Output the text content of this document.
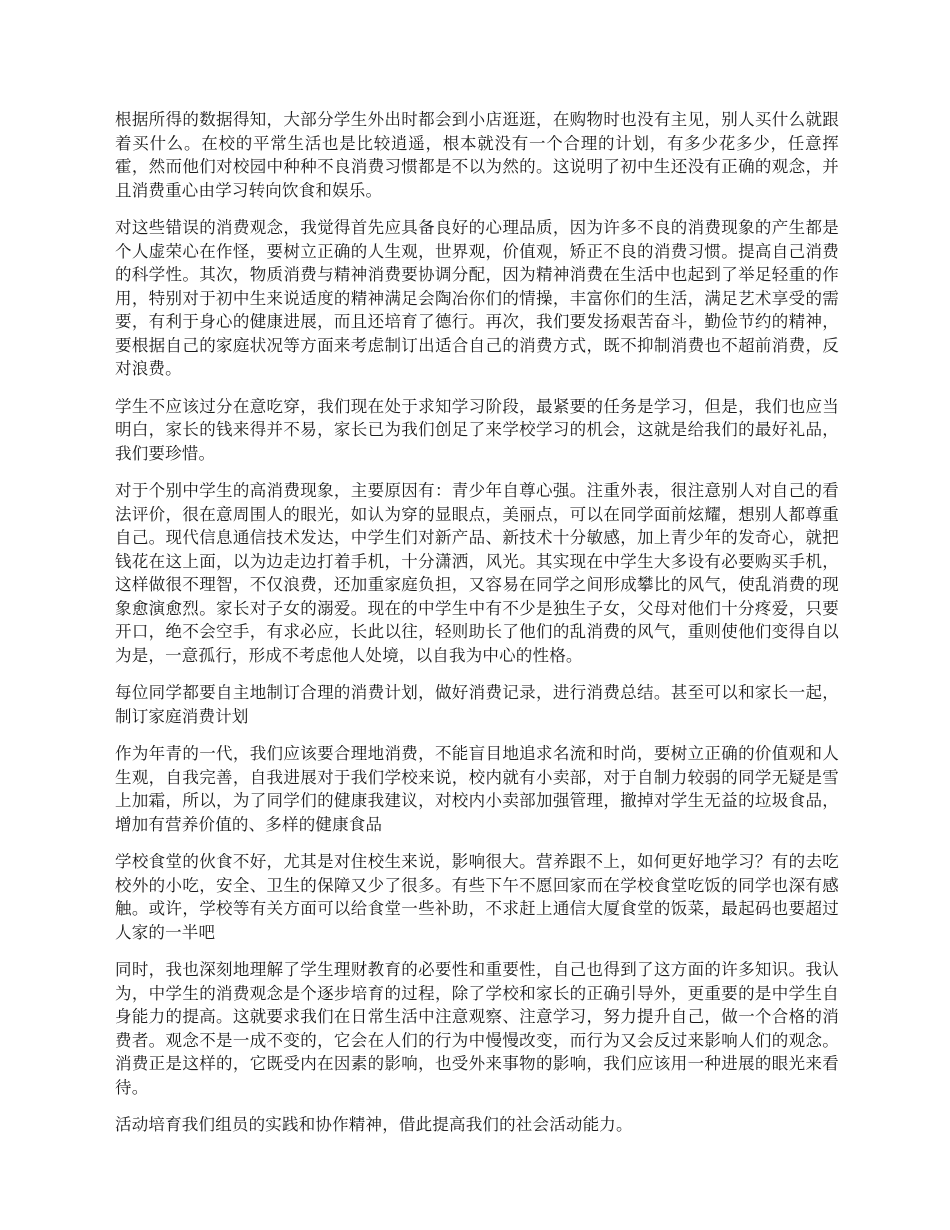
根据所得的数据得知，大部分学生外出时都会到小店逛逛，在购物时也没有主见，别人买什么就跟着买什么。在校的平常生活也是比较逍遥，根本就没有一个合理的计划，有多少花多少，任意挥霍，然而他们对校园中种种不良消费习惯都是不以为然的。这说明了初中生还没有正确的观念，并且消费重心由学习转向饮食和娱乐。

对这些错误的消费观念，我觉得首先应具备良好的心理品质，因为许多不良的消费现象的产生都是个人虚荣心在作怪，要树立正确的人生观，世界观，价值观，矫正不良的消费习惯。提高自己消费的科学性。其次，物质消费与精神消费要协调分配，因为精神消费在生活中也起到了举足轻重的作用，特别对于初中生来说适度的精神满足会陶冶你们的情操，丰富你们的生活，满足艺术享受的需要，有利于身心的健康进展，而且还培育了德行。再次，我们要发扬艰苦奋斗，勤俭节约的精神，要根据自己的家庭状况等方面来考虑制订出适合自己的消费方式，既不抑制消费也不超前消费，反对浪费。

学生不应该过分在意吃穿，我们现在处于求知学习阶段，最紧要的任务是学习，但是，我们也应当明白，家长的钱来得并不易，家长已为我们创足了来学校学习的机会，这就是给我们的最好礼品，我们要珍惜。

对于个别中学生的高消费现象，主要原因有：青少年自尊心强。注重外表，很注意别人对自己的看法评价，很在意周围人的眼光，如认为穿的显眼点，美丽点，可以在同学面前炫耀，想别人都尊重自己。现代信息通信技术发达，中学生们对新产品、新技术十分敏感，加上青少年的发奇心，就把钱花在这上面，以为边走边打着手机，十分潇洒，风光。其实现在中学生大多设有必要购买手机，这样做很不理智，不仅浪费，还加重家庭负担，又容易在同学之间形成攀比的风气，使乱消费的现象愈演愈烈。家长对子女的溺爱。现在的中学生中有不少是独生子女，父母对他们十分疼爱，只要开口，绝不会空手，有求必应，长此以往，轻则助长了他们的乱消费的风气，重则使他们变得自以为是，一意孤行，形成不考虑他人处境，以自我为中心的性格。

每位同学都要自主地制订合理的消费计划，做好消费记录，进行消费总结。甚至可以和家长一起，制订家庭消费计划

作为年青的一代，我们应该要合理地消费，不能盲目地追求名流和时尚，要树立正确的价值观和人生观，自我完善，自我进展对于我们学校来说，校内就有小卖部，对于自制力较弱的同学无疑是雪上加霜，所以，为了同学们的健康我建议，对校内小卖部加强管理，撤掉对学生无益的垃圾食品，增加有营养价值的、多样的健康食品

学校食堂的伙食不好，尤其是对住校生来说，影响很大。营养跟不上，如何更好地学习？有的去吃校外的小吃，安全、卫生的保障又少了很多。有些下午不愿回家而在学校食堂吃饭的同学也深有感触。或许，学校等有关方面可以给食堂一些补助，不求赶上通信大厦食堂的饭菜，最起码也要超过人家的一半吧

同时，我也深刻地理解了学生理财教育的必要性和重要性，自己也得到了这方面的许多知识。我认为，中学生的消费观念是个逐步培育的过程，除了学校和家长的正确引导外，更重要的是中学生自身能力的提高。这就要求我们在日常生活中注意观察、注意学习，努力提升自己，做一个合格的消费者。观念不是一成不变的，它会在人们的行为中慢慢改变，而行为又会反过来影响人们的观念。消费正是这样的，它既受内在因素的影响，也受外来事物的影响，我们应该用一种进展的眼光来看待。

活动培育我们组员的实践和协作精神，借此提高我们的社会活动能力。
